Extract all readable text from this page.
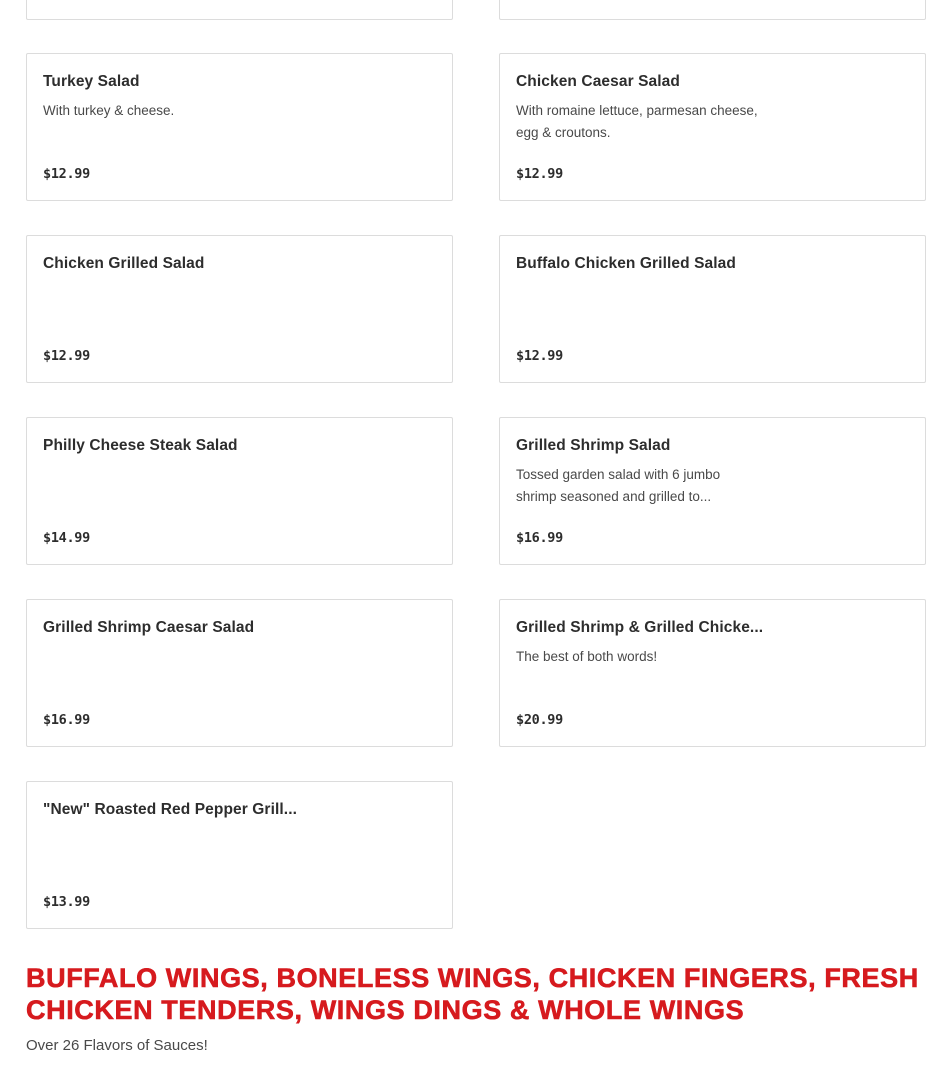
Turkey Salad
With turkey & cheese.
$12.99
Chicken Caesar Salad
With romaine lettuce, parmesan cheese, egg & croutons.
$12.99
Chicken Grilled Salad
$12.99
Buffalo Chicken Grilled Salad
$12.99
Philly Cheese Steak Salad
$14.99
Grilled Shrimp Salad
Tossed garden salad with 6 jumbo shrimp seasoned and grilled to...
$16.99
Grilled Shrimp Caesar Salad
$16.99
Grilled Shrimp & Grilled Chicke...
The best of both words!
$20.99
"New" Roasted Red Pepper Grill...
$13.99
BUFFALO WINGS, BONELESS WINGS, CHICKEN FINGERS, FRESH CHICKEN TENDERS, WINGS DINGS & WHOLE WINGS
Over 26 Flavors of Sauces!
